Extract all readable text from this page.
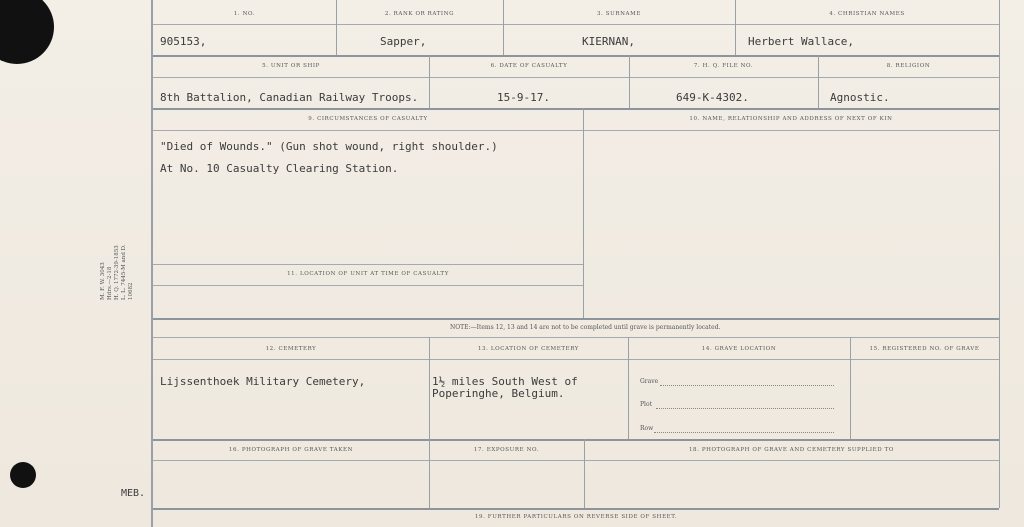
M. F. W. 3043 Hdrs.—2-18 H. Q. 1772-39-1853 L. L. 7445-M and D. 10682
MEB.
1. NO.	2. RANK OR RATING	3. SURNAME	4. CHRISTIAN NAMES
905153,	Sapper,	KIERNAN,	Herbert Wallace,
5. UNIT OR SHIP	6. DATE OF CASUALTY	7. H. Q. FILE NO.	8. RELIGION
8th Battalion, Canadian Railway Troops.	15-9-17.	649-K-4302.	Agnostic.
9. CIRCUMSTANCES OF CASUALTY	10. NAME, RELATIONSHIP AND ADDRESS OF NEXT OF KIN
"Died of Wounds." (Gun shot wound, right shoulder.)
At No. 10 Casualty Clearing Station.
11. LOCATION OF UNIT AT TIME OF CASUALTY
NOTE:—Items 12, 13 and 14 are not to be completed until grave is permanently located.
12. CEMETERY	13. LOCATION OF CEMETERY	14. GRAVE LOCATION	15. REGISTERED NO. OF GRAVE
Lijssenthoek Military Cemetery,	1½ miles South West of
Poperinghe, Belgium.
Grave
Plot
Row
16. PHOTOGRAPH OF GRAVE TAKEN	17. EXPOSURE NO.	18. PHOTOGRAPH OF GRAVE AND CEMETERY SUPPLIED TO
19. FURTHER PARTICULARS ON REVERSE SIDE OF SHEET.
